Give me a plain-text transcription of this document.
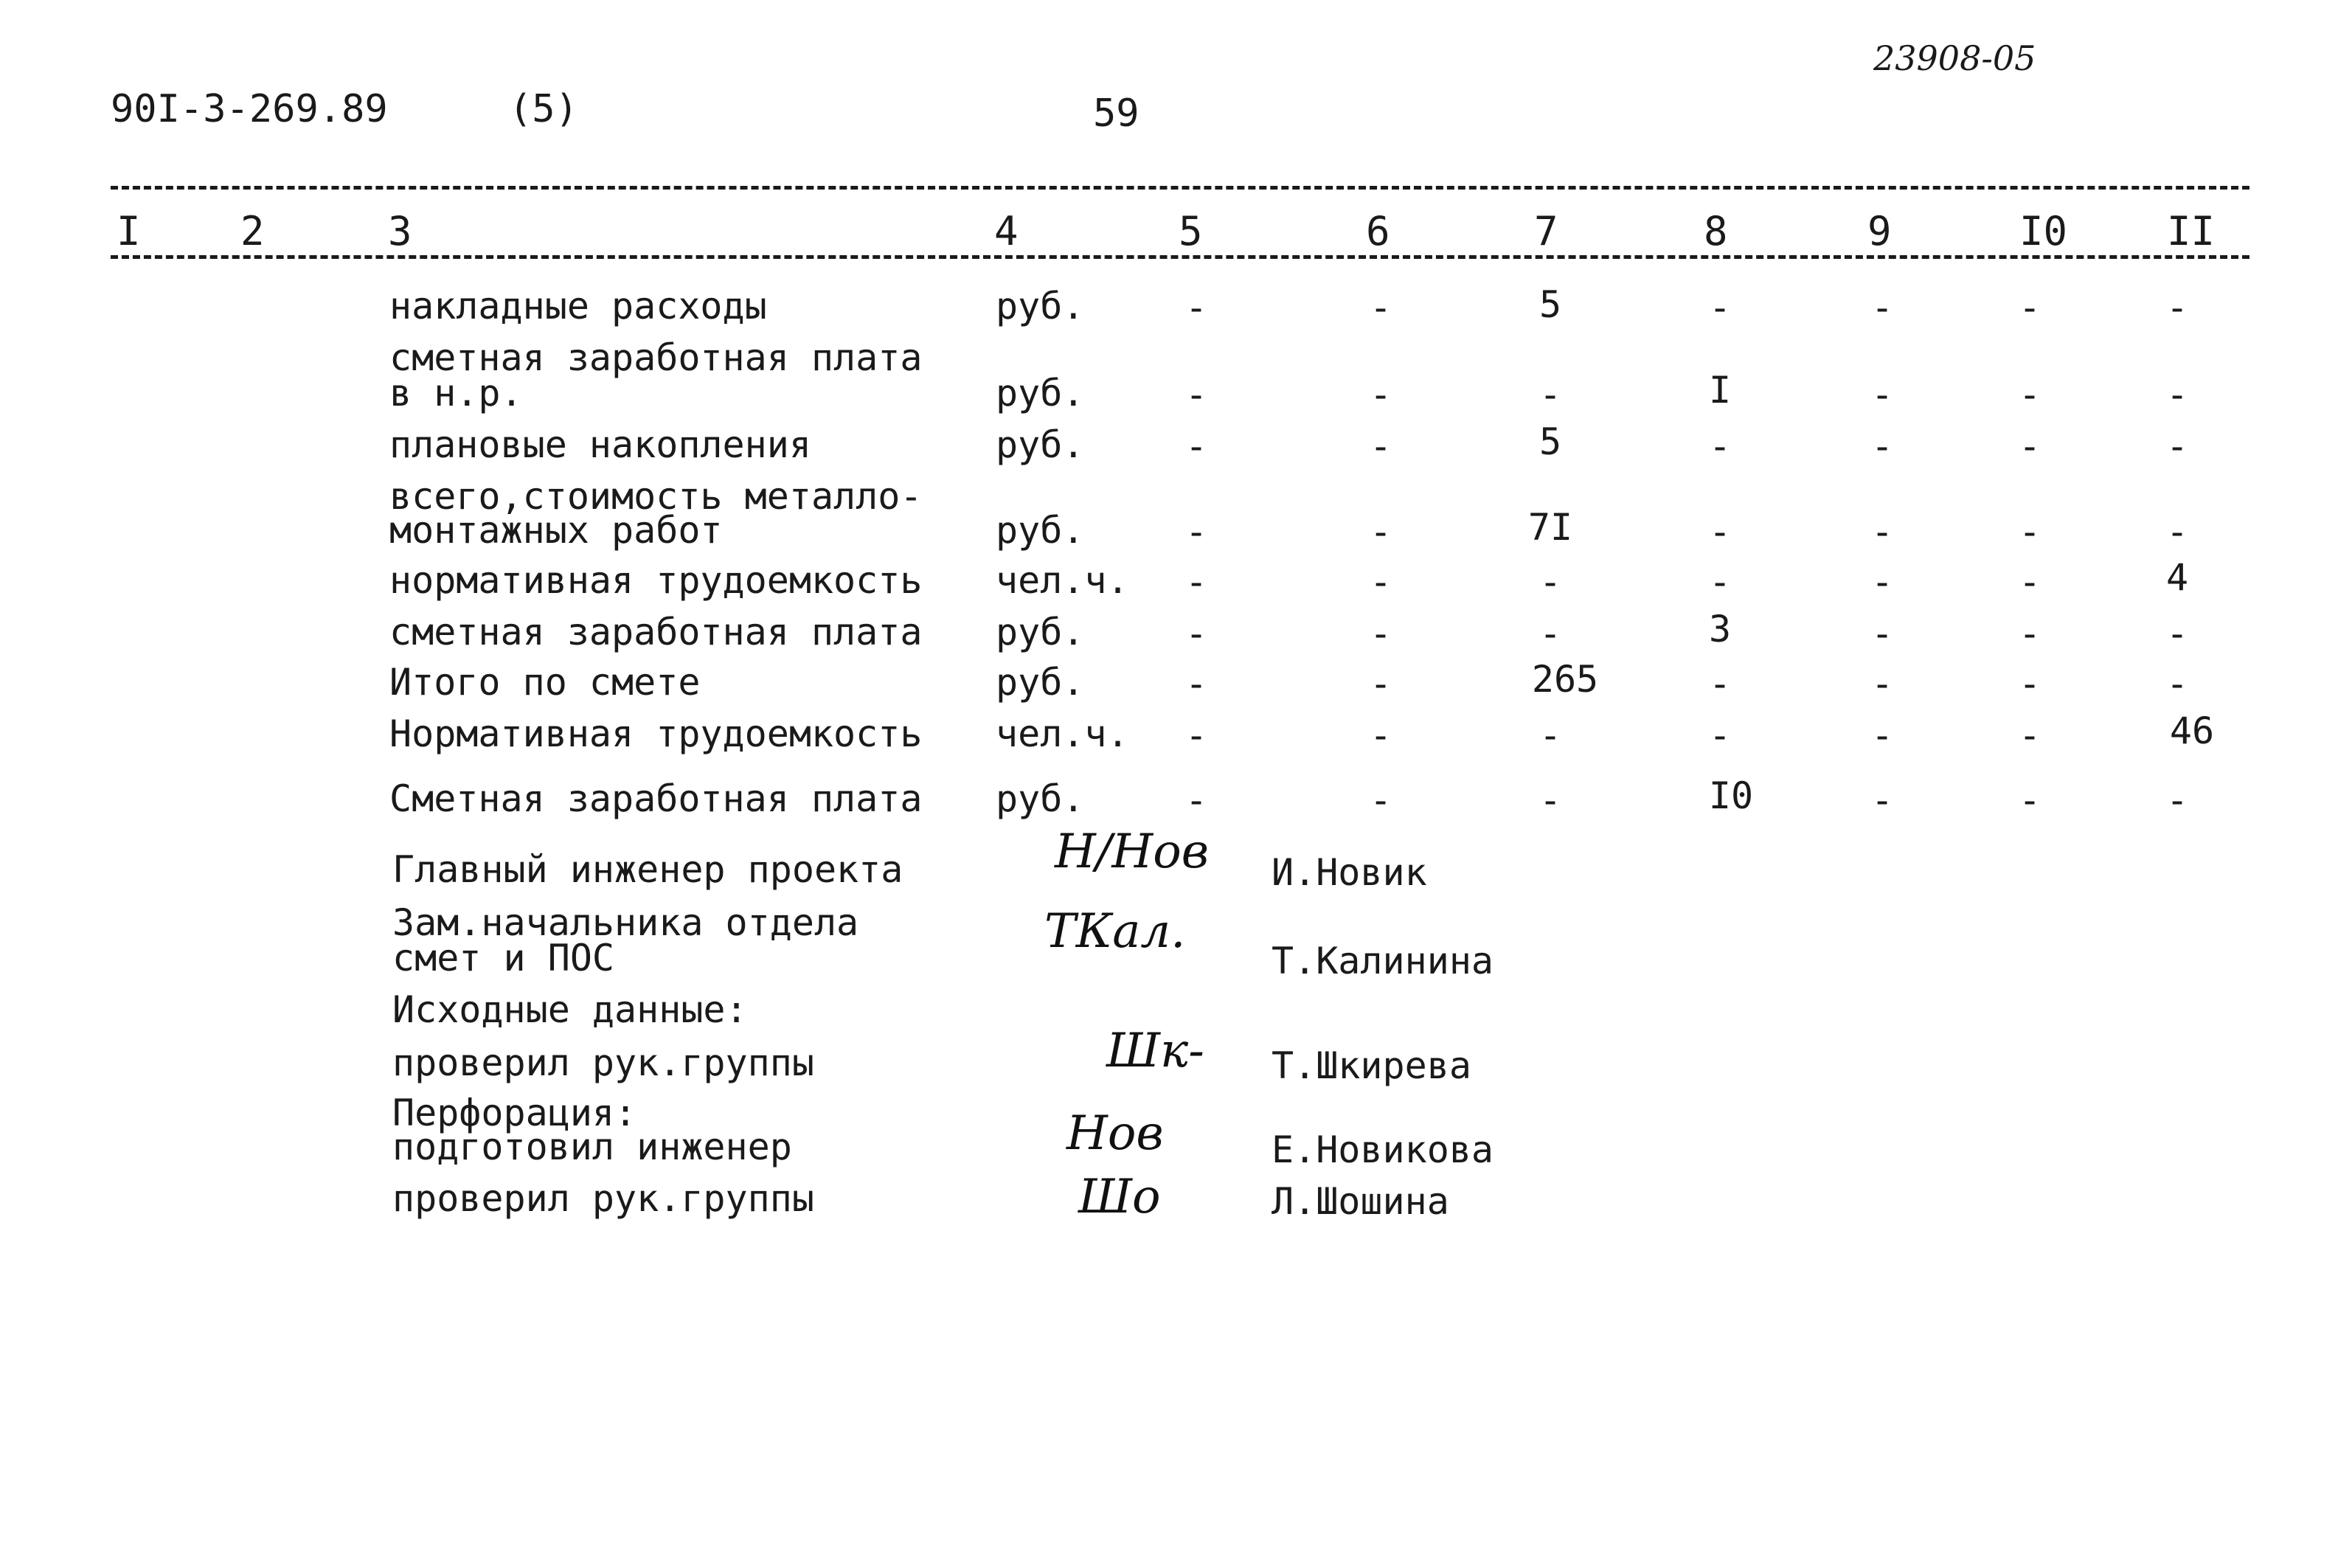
90I-3-269.89	(5)	59
23908-05
I	2	3	4	5	6	7	8	9	I0 II
накладные расходы	руб.	-	-	5	-	-	-	-
сметная заработная плата
в н.р.	руб.	-	-	-	I	-	-	-
плановые накопления	руб.	-	-	5	-	-	-	-
всего,стоимость металло-
монтажных работ	руб.	-	-	7I	-	-	-	-
нормативная трудоемкость чел.ч.	-	-	-	-	-	-	4
сметная заработная плата руб.	-	-	-	3	-	-	-
Итого по смете	руб.	-	-	265	-	-	-	-
Нормативная трудоемкость чел.ч.	-	-	-	-	-	-	46
Сметная заработная плата руб.	-	-	-	I0	-	-	-
Главный инженер проекта	Н/Нов И.Новик
Зам.начальника отдела
смет и ПОС	ТКал.
Т.Калинина
Исходные данные:
проверил рук.группы	Шк- Т.Шкирева
Перфорация:
подготовил инженер	Нов	Е.Новикова
проверил рук.группы	Шо	Л.Шошина
